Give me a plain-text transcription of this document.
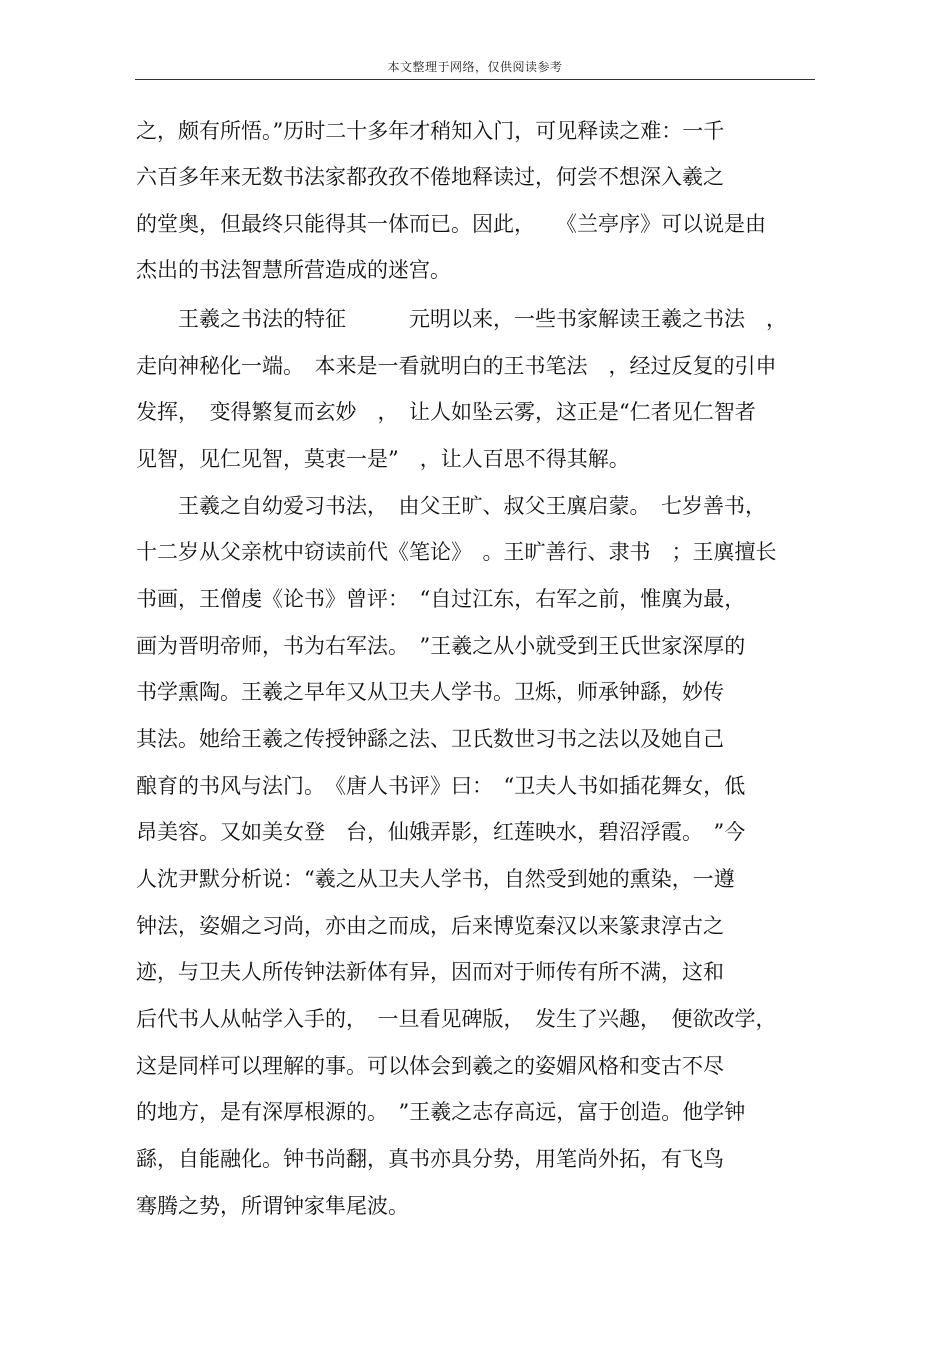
本文整理于网络，仅供阅读参考
之，颇有所悟。”历时二十多年才稍知入门，可见释读之难：一千
六百多年来无数书法家都孜孜不倦地释读过，何尝不想深入羲之
的堂奥，但最终只能得其一体而已。因此，　　《兰亭序》可以说是由
杰出的书法智慧所营造成的迷宫。
王羲之书法的特征　　　元明以来，一些书家解读王羲之书法　，
走向神秘化一端。　本来是一看就明白的王书笔法　，经过反复的引申
发挥，　变得繁复而玄妙　，　让人如坠云雾，这正是“仁者见仁智者
见智，见仁见智，莫衷一是”　，让人百思不得其解。
王羲之自幼爱习书法，　由父王旷、叔父王廙启蒙。　七岁善书，
十二岁从父亲枕中窃读前代《笔论》　。王旷善行、隶书　；王廙擅长
书画，王僧虔《论书》曾评：　“自过江东，右军之前，惟廙为最，
画为晋明帝师，书为右军法。　”王羲之从小就受到王氏世家深厚的
书学熏陶。王羲之早年又从卫夫人学书。卫烁，师承钟繇，妙传
其法。她给王羲之传授钟繇之法、卫氏数世习书之法以及她自己
酿育的书风与法门。　《唐人书评》曰：　“卫夫人书如插花舞女，低
昂美容。又如美女登　台，仙娥弄影，红莲映水，碧沼浮霞。　”今
人沈尹默分析说：“羲之从卫夫人学书，自然受到她的熏染，一遵
钟法，姿媚之习尚，亦由之而成，后来博览秦汉以来篆隶淳古之
迹，与卫夫人所传钟法新体有异，因而对于师传有所不满，这和
后代书人从帖学入手的，　一旦看见碑版，　发生了兴趣，　便欲改学，
这是同样可以理解的事。可以体会到羲之的姿媚风格和变古不尽
的地方，是有深厚根源的。　”王羲之志存高远，富于创造。他学钟
繇，自能融化。钟书尚翻，真书亦具分势，用笔尚外拓，有飞鸟
骞腾之势，所谓钟家隼尾波。
